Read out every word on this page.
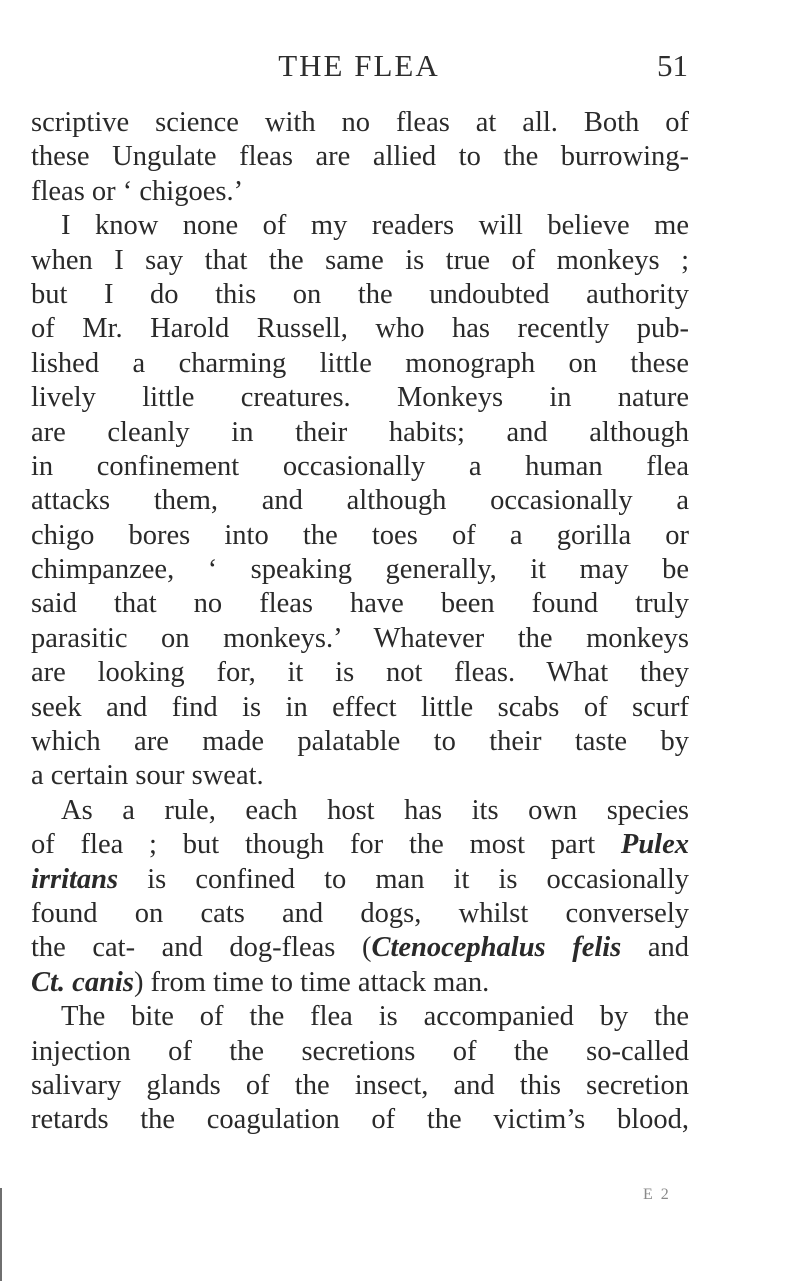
THE FLEA	51
scriptive science with no fleas at all. Both of
these Ungulate fleas are allied to the burrowing-
fleas or ‘ chigoes.’
I know none of my readers will believe me
when I say that the same is true of monkeys ;
but I do this on the undoubted authority
of Mr. Harold Russell, who has recently pub-
lished a charming little monograph on these
lively little creatures. Monkeys in nature
are cleanly in their habits; and although
in confinement occasionally a human flea
attacks them, and although occasionally a
chigo bores into the toes of a gorilla or
chimpanzee, ‘ speaking generally, it may be
said that no fleas have been found truly
parasitic on monkeys.’ Whatever the monkeys
are looking for, it is not fleas. What they
seek and find is in effect little scabs of scurf
which are made palatable to their taste by
a certain sour sweat.
As a rule, each host has its own species
of flea ; but though for the most part Pulex
irritans is confined to man it is occasionally
found on cats and dogs, whilst conversely
the cat- and dog-fleas (Ctenocephalus felis and
Ct. canis) from time to time attack man.
The bite of the flea is accompanied by the
injection of the secretions of the so-called
salivary glands of the insect, and this secretion
retards the coagulation of the victim’s blood,
E 2
